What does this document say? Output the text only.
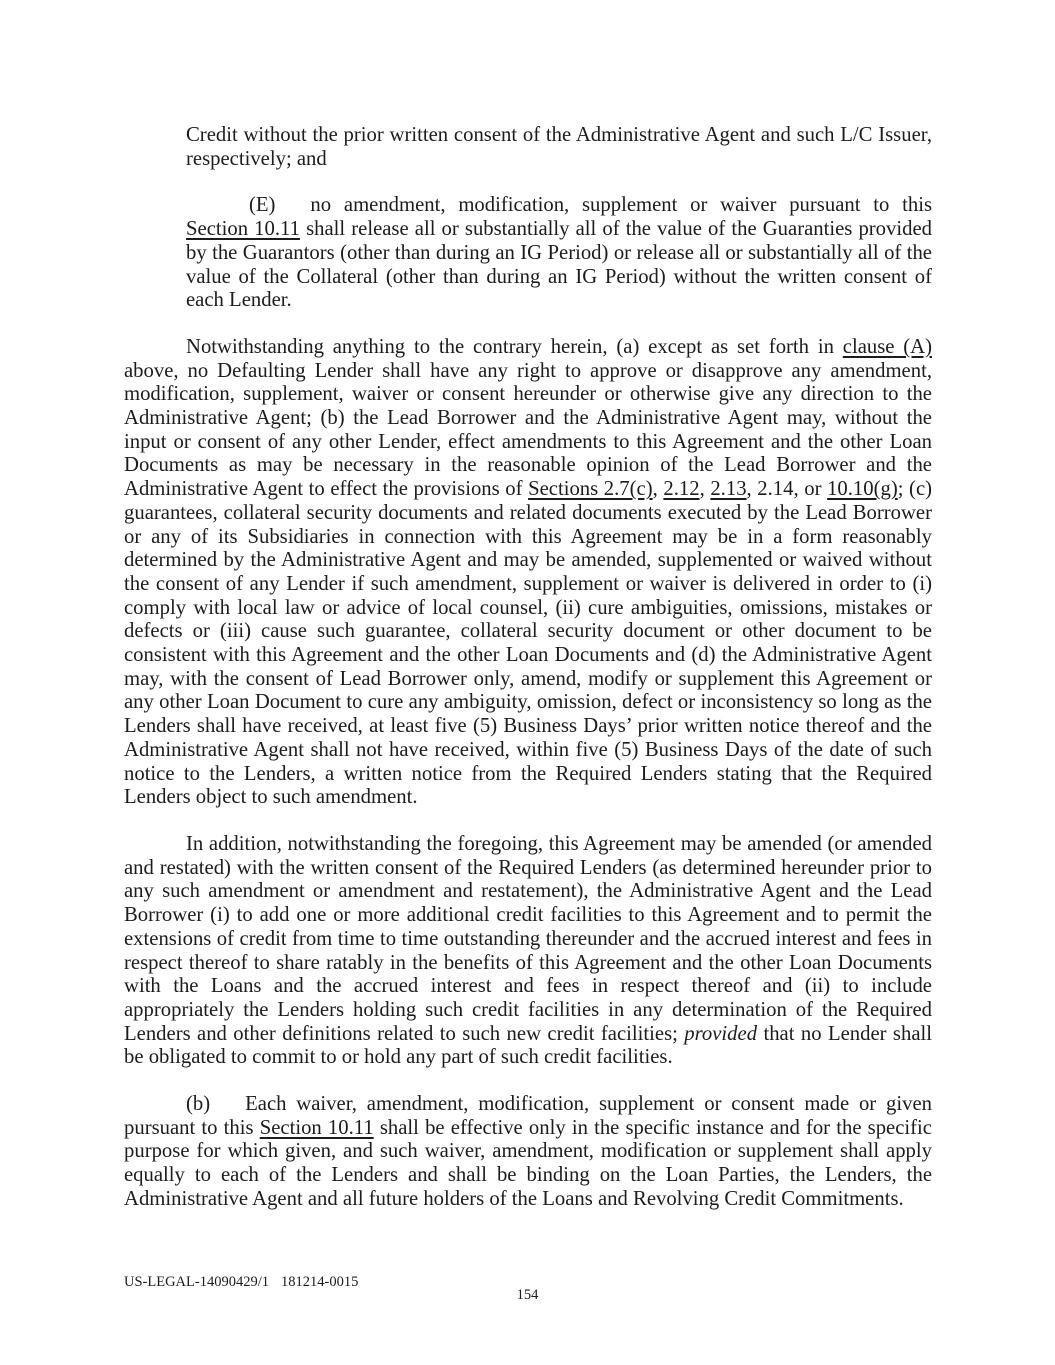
Credit without the prior written consent of the Administrative Agent and such L/C Issuer, respectively; and

(E) no amendment, modification, supplement or waiver pursuant to this Section 10.11 shall release all or substantially all of the value of the Guaranties provided by the Guarantors (other than during an IG Period) or release all or substantially all of the value of the Collateral (other than during an IG Period) without the written consent of each Lender.

Notwithstanding anything to the contrary herein, (a) except as set forth in clause (A) above, no Defaulting Lender shall have any right to approve or disapprove any amendment, modification, supplement, waiver or consent hereunder or otherwise give any direction to the Administrative Agent; (b) the Lead Borrower and the Administrative Agent may, without the input or consent of any other Lender, effect amendments to this Agreement and the other Loan Documents as may be necessary in the reasonable opinion of the Lead Borrower and the Administrative Agent to effect the provisions of Sections 2.7(c), 2.12, 2.13, 2.14, or 10.10(g); (c) guarantees, collateral security documents and related documents executed by the Lead Borrower or any of its Subsidiaries in connection with this Agreement may be in a form reasonably determined by the Administrative Agent and may be amended, supplemented or waived without the consent of any Lender if such amendment, supplement or waiver is delivered in order to (i) comply with local law or advice of local counsel, (ii) cure ambiguities, omissions, mistakes or defects or (iii) cause such guarantee, collateral security document or other document to be consistent with this Agreement and the other Loan Documents and (d) the Administrative Agent may, with the consent of Lead Borrower only, amend, modify or supplement this Agreement or any other Loan Document to cure any ambiguity, omission, defect or inconsistency so long as the Lenders shall have received, at least five (5) Business Days’ prior written notice thereof and the Administrative Agent shall not have received, within five (5) Business Days of the date of such notice to the Lenders, a written notice from the Required Lenders stating that the Required Lenders object to such amendment.

In addition, notwithstanding the foregoing, this Agreement may be amended (or amended and restated) with the written consent of the Required Lenders (as determined hereunder prior to any such amendment or amendment and restatement), the Administrative Agent and the Lead Borrower (i) to add one or more additional credit facilities to this Agreement and to permit the extensions of credit from time to time outstanding thereunder and the accrued interest and fees in respect thereof to share ratably in the benefits of this Agreement and the other Loan Documents with the Loans and the accrued interest and fees in respect thereof and (ii) to include appropriately the Lenders holding such credit facilities in any determination of the Required Lenders and other definitions related to such new credit facilities; provided that no Lender shall be obligated to commit to or hold any part of such credit facilities.

(b) Each waiver, amendment, modification, supplement or consent made or given pursuant to this Section 10.11 shall be effective only in the specific instance and for the specific purpose for which given, and such waiver, amendment, modification or supplement shall apply equally to each of the Lenders and shall be binding on the Loan Parties, the Lenders, the Administrative Agent and all future holders of the Loans and Revolving Credit Commitments.

US-LEGAL-14090429/1 181214-0015
154
